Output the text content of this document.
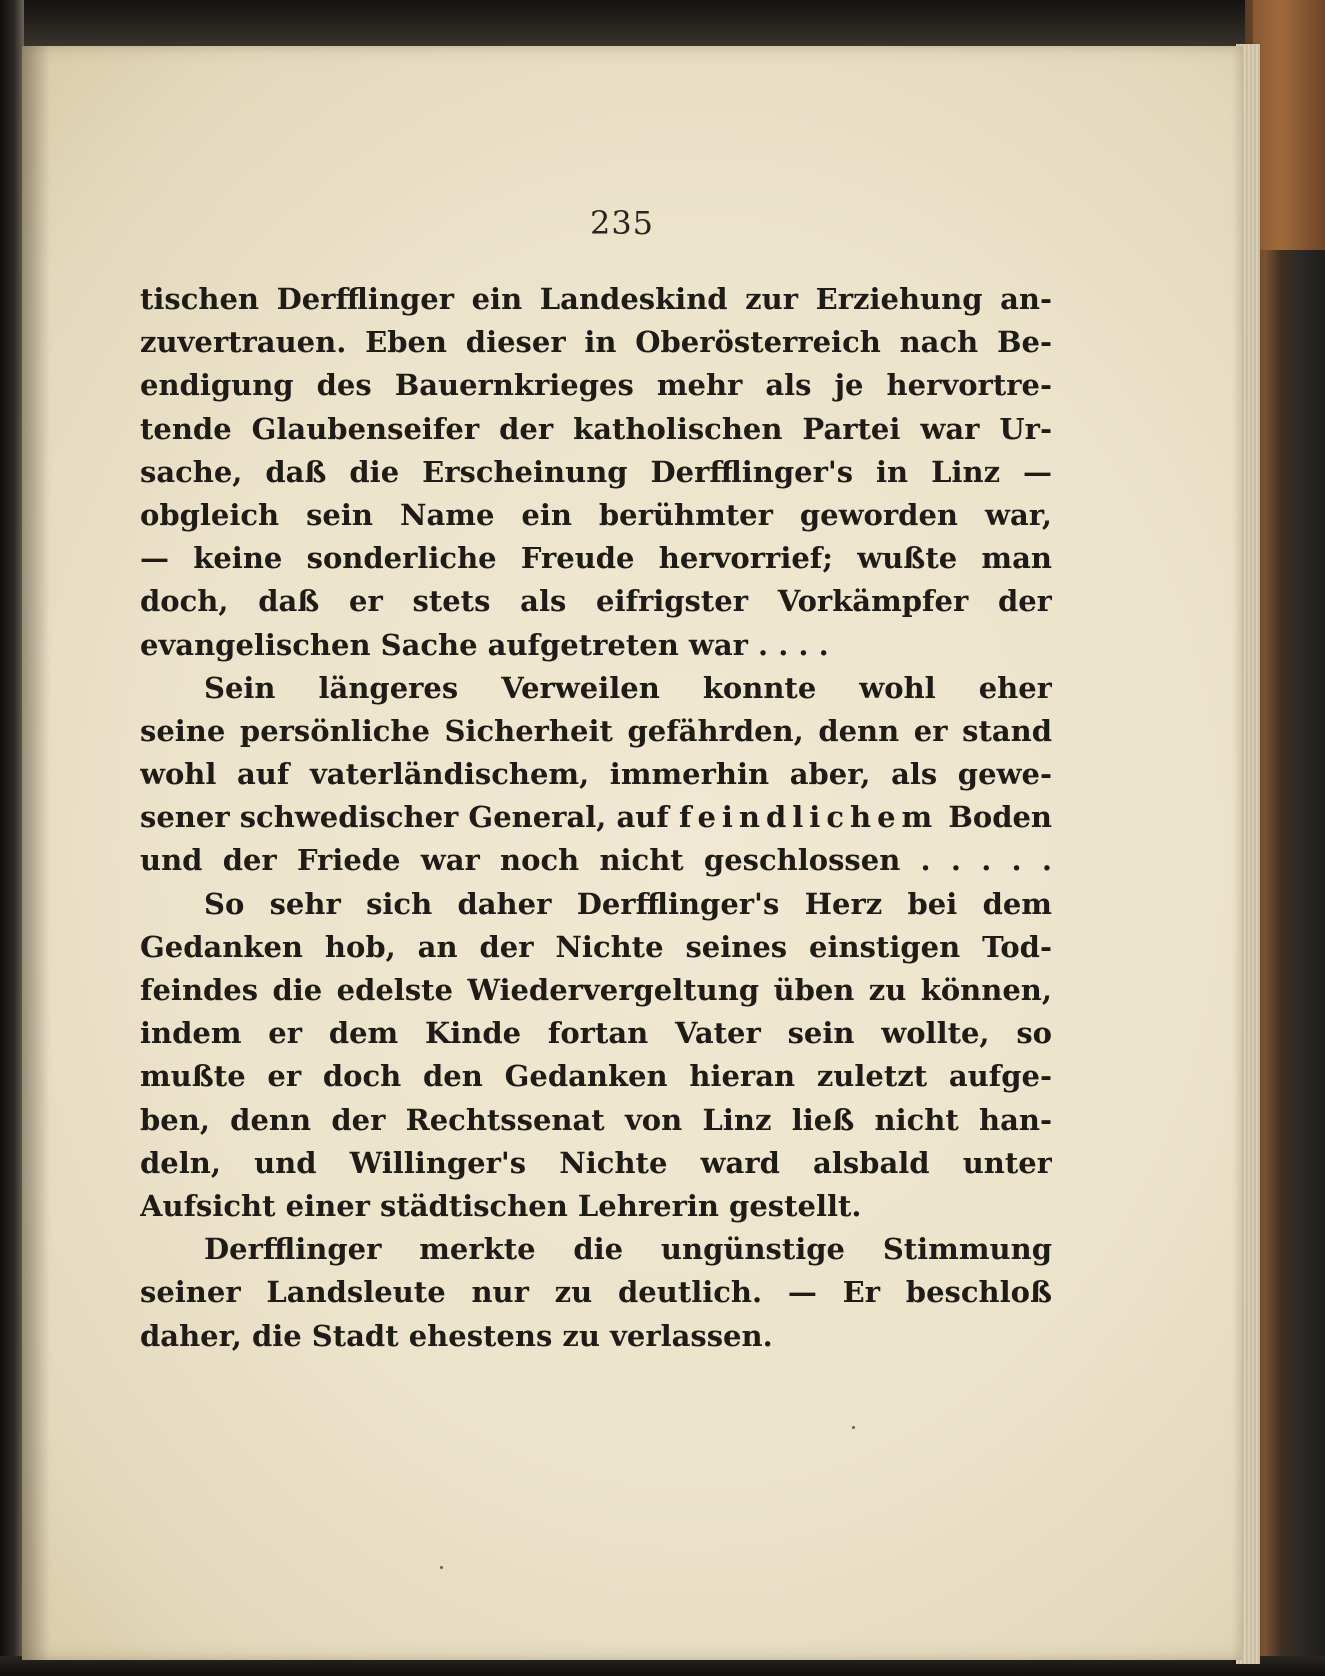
235
tischen Derfflinger ein Landeskind zur Erziehung an-
zuvertrauen. Eben dieser in Oberösterreich nach Be-
endigung des Bauernkrieges mehr als je hervortre-
tende Glaubenseifer der katholischen Partei war Ur-
sache, daß die Erscheinung Derfflinger's in Linz —
obgleich sein Name ein berühmter geworden war,
— keine sonderliche Freude hervorrief; wußte man
doch, daß er stets als eifrigster Vorkämpfer der
evangelischen Sache aufgetreten war . . . .
Sein längeres Verweilen konnte wohl eher
seine persönliche Sicherheit gefährden, denn er stand
wohl auf vaterländischem, immerhin aber, als gewe-
sener schwedischer General, auf feindlichem Boden
und der Friede war noch nicht geschlossen . . . . .
So sehr sich daher Derfflinger's Herz bei dem
Gedanken hob, an der Nichte seines einstigen Tod-
feindes die edelste Wiedervergeltung üben zu können,
indem er dem Kinde fortan Vater sein wollte, so
mußte er doch den Gedanken hieran zuletzt aufge-
ben, denn der Rechtssenat von Linz ließ nicht han-
deln, und Willinger's Nichte ward alsbald unter
Aufsicht einer städtischen Lehrerin gestellt.
Derfflinger merkte die ungünstige Stimmung
seiner Landsleute nur zu deutlich. — Er beschloß
daher, die Stadt ehestens zu verlassen.
